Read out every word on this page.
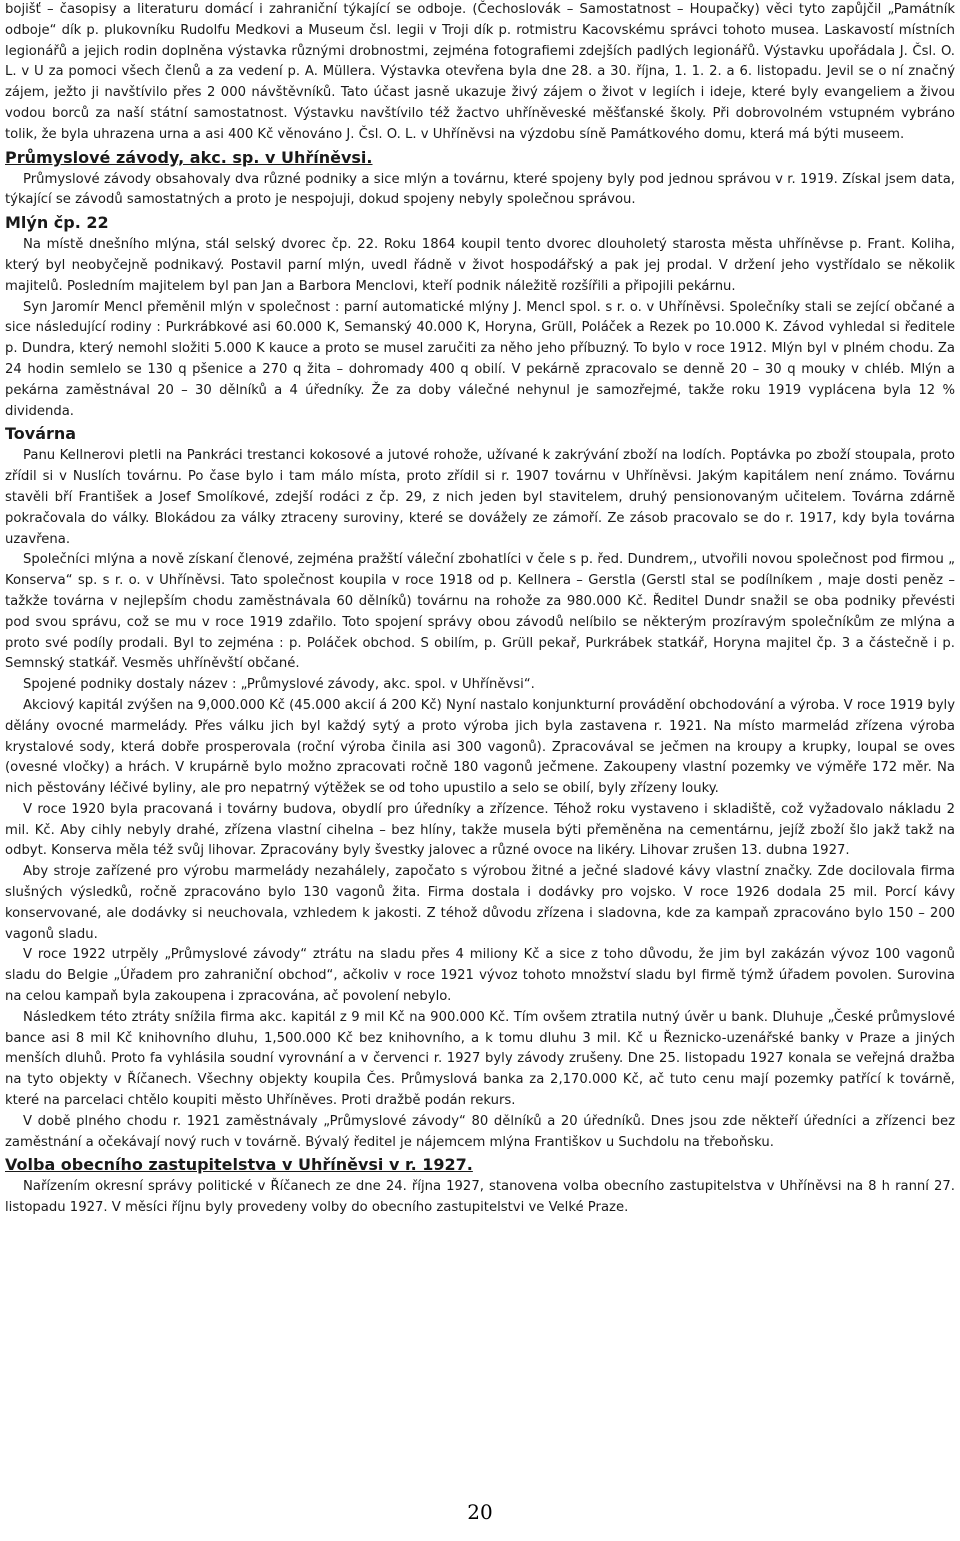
bojišť – časopisy a literaturu domácí i zahraniční týkající se odboje. (Čechoslovák – Samostatnost – Houpačky) věci tyto zapůjčil „Památník odboje“ dík p. plukovníku Rudolfu Medkovi a Museum čsl. legii v Troji dík p. rotmistru Kacovskému správci tohoto musea. Laskavostí místních legionářů a jejich rodin doplněna výstavka různými drobnostmi, zejména fotografiemi zdejších padlých legionářů. Výstavku upořádala J. Čsl. O. L. v U za pomoci všech členů a za vedení p. A. Müllera. Výstavka otevřena byla dne 28. a 30. října, 1. 1. 2. a 6. listopadu. Jevil se o ní značný zájem, ježto ji navštívilo přes 2 000 návštěvníků. Tato účast jasně ukazuje živý zájem o život v legiích i ideje, které byly evangeliem a živou vodou borců za naší státní samostatnost. Výstavku navštívilo též žactvo uhříněveské měšťanské školy. Při dobrovolném vstupném vybráno tolik, že byla uhrazena urna a asi 400 Kč věnováno J. Čsl. O. L. v Uhříněvsi na výzdobu síně Památkového domu, která má býti museem.

Průmyslové závody, akc. sp. v Uhříněvsi.

Průmyslové závody obsahovaly dva různé podniky a sice mlýn a továrnu, které spojeny byly pod jednou správou v r. 1919. Získal jsem data, týkající se závodů samostatných a proto je nespojuji, dokud spojeny nebyly společnou správou.

Mlýn čp. 22

Na místě dnešního mlýna, stál selský dvorec čp. 22. Roku 1864 koupil tento dvorec dlouholetý starosta města uhříněvse p. Frant. Koliha, který byl neobyčejně podnikavý. Postavil parní mlýn, uvedl řádně v život hospodářský a pak jej prodal. V držení jeho vystřídalo se několik majitelů. Posledním majitelem byl pan Jan a Barbora Menclovi, kteří podnik náležitě rozšířili a připojili pekárnu.

Syn Jaromír Mencl přeměnil mlýn v společnost : parní automatické mlýny J. Mencl spol. s r. o. v Uhříněvsi. Společníky stali se zející občané a sice následující rodiny : Purkrábkové asi 60.000 K, Semanský 40.000 K, Horyna, Grüll, Poláček a Rezek po 10.000 K. Závod vyhledal si ředitele p. Dundra, který nemohl složiti 5.000 K kauce a proto se musel zaručiti za něho jeho příbuzný. To bylo v roce 1912. Mlýn byl v plném chodu. Za 24 hodin semlelo se 130 q pšenice a 270 q žita – dohromady 400 q obilí. V pekárně zpracovalo se denně 20 – 30 q mouky v chléb. Mlýn a pekárna zaměstnával 20 – 30 dělníků a 4 úředníky. Že za doby válečné nehynul je samozřejmé, takže roku 1919 vyplácena byla 12 % dividenda.

Továrna

Panu Kellnerovi pletli na Pankráci trestanci kokosové a jutové rohože, užívané k zakrývání zboží na lodích. Poptávka po zboží stoupala, proto zřídil si v Nuslích továrnu. Po čase bylo i tam málo místa, proto zřídil si r. 1907 továrnu v Uhříněvsi. Jakým kapitálem není známo. Továrnu stavěli bří František a Josef Smolíkové, zdejší rodáci z čp. 29, z nich jeden byl stavitelem, druhý pensionovaným učitelem. Továrna zdárně pokračovala do války. Blokádou za války ztraceny suroviny, které se dovážely ze zámoří. Ze zásob pracovalo se do r. 1917, kdy byla továrna uzavřena.

Společníci mlýna a nově získaní členové, zejména pražští váleční zbohatlíci v čele s p. řed. Dundrem,, utvořili novou společnost pod firmou „ Konserva“ sp. s r. o. v Uhříněvsi. Tato společnost koupila v roce 1918 od p. Kellnera – Gerstla (Gerstl stal se podílníkem , maje dosti peněz – tažkže továrna v nejlepším chodu zaměstnávala 60 dělníků) továrnu na rohože za 980.000 Kč. Ředitel Dundr snažil se oba podniky převésti pod svou správu, což se mu v roce 1919 zdařilo. Toto spojení správy obou závodů nelíbilo se některým prozíravým společníkům ze mlýna a proto své podíly prodali. Byl to zejména : p. Poláček obchod. S obilím, p. Grüll pekař, Purkrábek statkář, Horyna majitel čp. 3 a částečně i p. Semnský statkář. Vesměs uhříněvští občané.

Spojené podniky dostaly název : „Průmyslové závody, akc. spol. v Uhříněvsi“.

Akciový kapitál zvýšen na 9,000.000 Kč (45.000 akcií á 200 Kč) Nyní nastalo konjunkturní provádění obchodování a výroba. V roce 1919 byly dělány ovocné marmelády. Přes válku jich byl každý sytý a proto výroba jich byla zastavena r. 1921. Na místo marmelád zřízena výroba krystalové sody, která dobře prosperovala (roční výroba činila asi 300 vagonů). Zpracovával se ječmen na kroupy a krupky, loupal se oves (ovesné vločky) a hrách. V krupárně bylo možno zpracovati ročně 180 vagonů ječmene. Zakoupeny vlastní pozemky ve výměře 172 měr. Na nich pěstovány léčivé byliny, ale pro nepatrný výtěžek se od toho upustilo a selo se obilí, byly zřízeny louky.

V roce 1920 byla pracovaná i továrny budova, obydlí pro úředníky a zřízence. Téhož roku vystaveno i skladiště, což vyžadovalo nákladu 2 mil. Kč. Aby cihly nebyly drahé, zřízena vlastní cihelna – bez hlíny, takže musela býti přeměněna na cementárnu, jejíž zboží šlo jakž takž na odbyt. Konserva měla též svůj lihovar. Zpracovány byly švestky jalovec a různé ovoce na likéry. Lihovar zrušen 13. dubna 1927.

Aby stroje zařízené pro výrobu marmelády nezahálely, započato s výrobou žitné a ječné sladové kávy vlastní značky. Zde docilovala firma slušných výsledků, ročně zpracováno bylo 130 vagonů žita. Firma dostala i dodávky pro vojsko. V roce 1926 dodala 25 mil. Porcí kávy konservované, ale dodávky si neuchovala, vzhledem k jakosti. Z téhož důvodu zřízena i sladovna, kde za kampaň zpracováno bylo 150 – 200 vagonů sladu.

V roce 1922 utrpěly „Průmyslové závody“ ztrátu na sladu přes 4 miliony Kč a sice z toho důvodu, že jim byl zakázán vývoz 100 vagonů sladu do Belgie „Úřadem pro zahraniční obchod“, ačkoliv v roce 1921 vývoz tohoto množství sladu byl firmě týmž úřadem povolen. Surovina na celou kampaň byla zakoupena i zpracována, ač povolení nebylo.

Následkem této ztráty snížila firma akc. kapitál z 9 mil Kč na 900.000 Kč. Tím ovšem ztratila nutný úvěr u bank. Dluhuje „České průmyslové bance asi 8 mil Kč knihovního dluhu, 1,500.000 Kč bez knihovního, a k tomu dluhu 3 mil. Kč u Řeznicko-uzenářské banky v Praze a jiných menších dluhů. Proto fa vyhlásila soudní vyrovnání a v červenci r. 1927 byly závody zrušeny. Dne 25. listopadu 1927 konala se veřejná dražba na tyto objekty v Říčanech. Všechny objekty koupila Čes. Průmyslová banka za 2,170.000 Kč, ač tuto cenu mají pozemky patřící k továrně, které na parcelaci chtělo koupiti město Uhříněves. Proti dražbě podán rekurs.

V době plného chodu r. 1921 zaměstnávaly „Průmyslové závody“ 80 dělníků a 20 úředníků. Dnes jsou zde někteří úředníci a zřízenci bez zaměstnání a očekávají nový ruch v továrně. Bývalý ředitel je nájemcem mlýna Františkov u Suchdolu na třeboňsku.

Volba obecního zastupitelstva v Uhříněvsi v r. 1927.

Nařízením okresní správy politické v Říčanech ze dne 24. října 1927, stanovena volba obecního zastupitelstva v Uhříněvsi na 8 h ranní 27. listopadu 1927. V měsíci říjnu byly provedeny volby do obecního zastupitelstvi ve Velké Praze.

20
